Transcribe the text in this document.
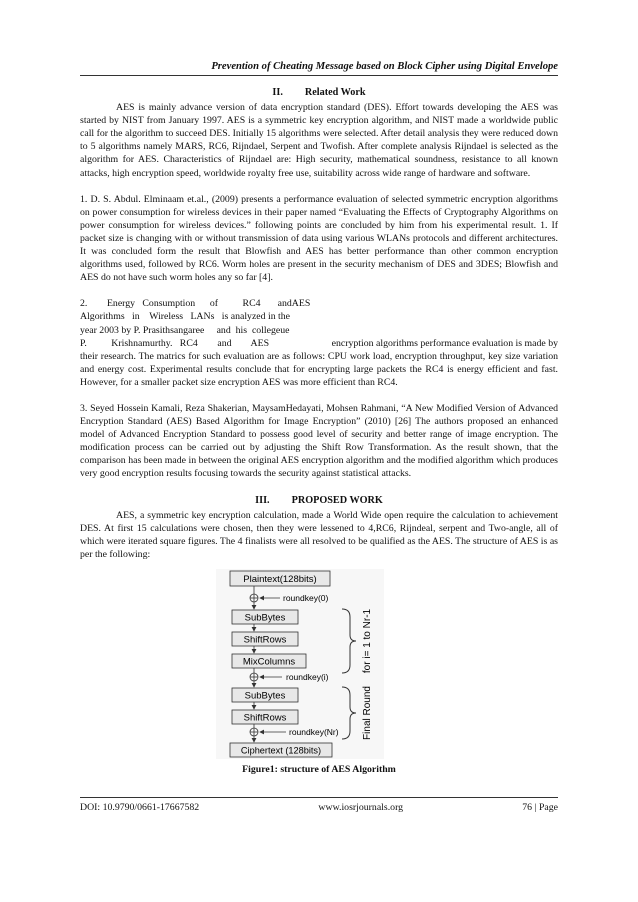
Prevention of Cheating Message based on Block Cipher using Digital Envelope
II. Related Work

AES is mainly advance version of data encryption standard (DES). Effort towards developing the AES was started by NIST from January 1997. AES is a symmetric key encryption algorithm, and NIST made a worldwide public call for the algorithm to succeed DES. Initially 15 algorithms were selected. After detail analysis they were reduced down to 5 algorithms namely MARS, RC6, Rijndael, Serpent and Twofish. After complete analysis Rijndael is selected as the algorithm for AES. Characteristics of Rijndael are: High security, mathematical soundness, resistance to all known attacks, high encryption speed, worldwide royalty free use, suitability across wide range of hardware and software.

1. D. S. Abdul. Elminaam et.al., (2009) presents a performance evaluation of selected symmetric encryption algorithms on power consumption for wireless devices in their paper named “Evaluating the Effects of Cryptography Algorithms on power consumption for wireless devices.” following points are concluded by him from his experimental result. 1. If packet size is changing with or without transmission of data using various WLANs protocols and different architectures. It was concluded form the result that Blowfish and AES has better performance than other common encryption algorithms used, followed by RC6. Worm holes are present in the security mechanism of DES and 3DES; Blowfish and AES do not have such worm holes any so far [4].

2.        Energy   Consumption      of          RC4       andAES
Algorithms   in    Wireless   LANs   is analyzed in the
year 2003 by P. Prasithsangaree     and  his  collegeue
P.          Krishnamurthy.   RC4        and        AES	encryption algorithms performance evaluation is made by

their research. The matrics for such evaluation are as follows: CPU work load, encryption throughput, key size variation and energy cost. Experimental results conclude that for encrypting large packets the RC4 is energy efficient and fast. However, for a smaller packet size encryption AES was more efficient than RC4.

3. Seyed Hossein Kamali, Reza Shakerian, MaysamHedayati, Mohsen Rahmani, “A New Modified Version of Advanced Encryption Standard (AES) Based Algorithm for Image Encryption” (2010) [26] The authors proposed an enhanced model of Advanced Encryption Standard to possess good level of security and better range of image encryption. The modification process can be carried out by adjusting the Shift Row Transformation. As the result shown, that the comparison has been made in between the original AES encryption algorithm and the modified algorithm which produces very good encryption results focusing towards the security against statistical attacks.

III. PROPOSED WORK

AES, a symmetric key encryption calculation, made a World Wide open require the calculation to achievement DES. At first 15 calculations were chosen, then they were lessened to 4,RC6, Rijndeal, serpent and Two-angle, all of which were iterated square figures. The 4 finalists were all resolved to be qualified as the AES. The structure of AES is as per the following:

Plaintext(128bits)
roundkey(0)
SubBytes
ShiftRows
MixColumns
roundkey(i)
SubBytes
ShiftRows
roundkey(Nr)
Ciphertext (128bits)
for i= 1 to Nr-1
Final Round
Figure1: structure of AES Algorithm
DOI: 10.9790/0661-17667582	www.iosrjournals.org	76 | Page
